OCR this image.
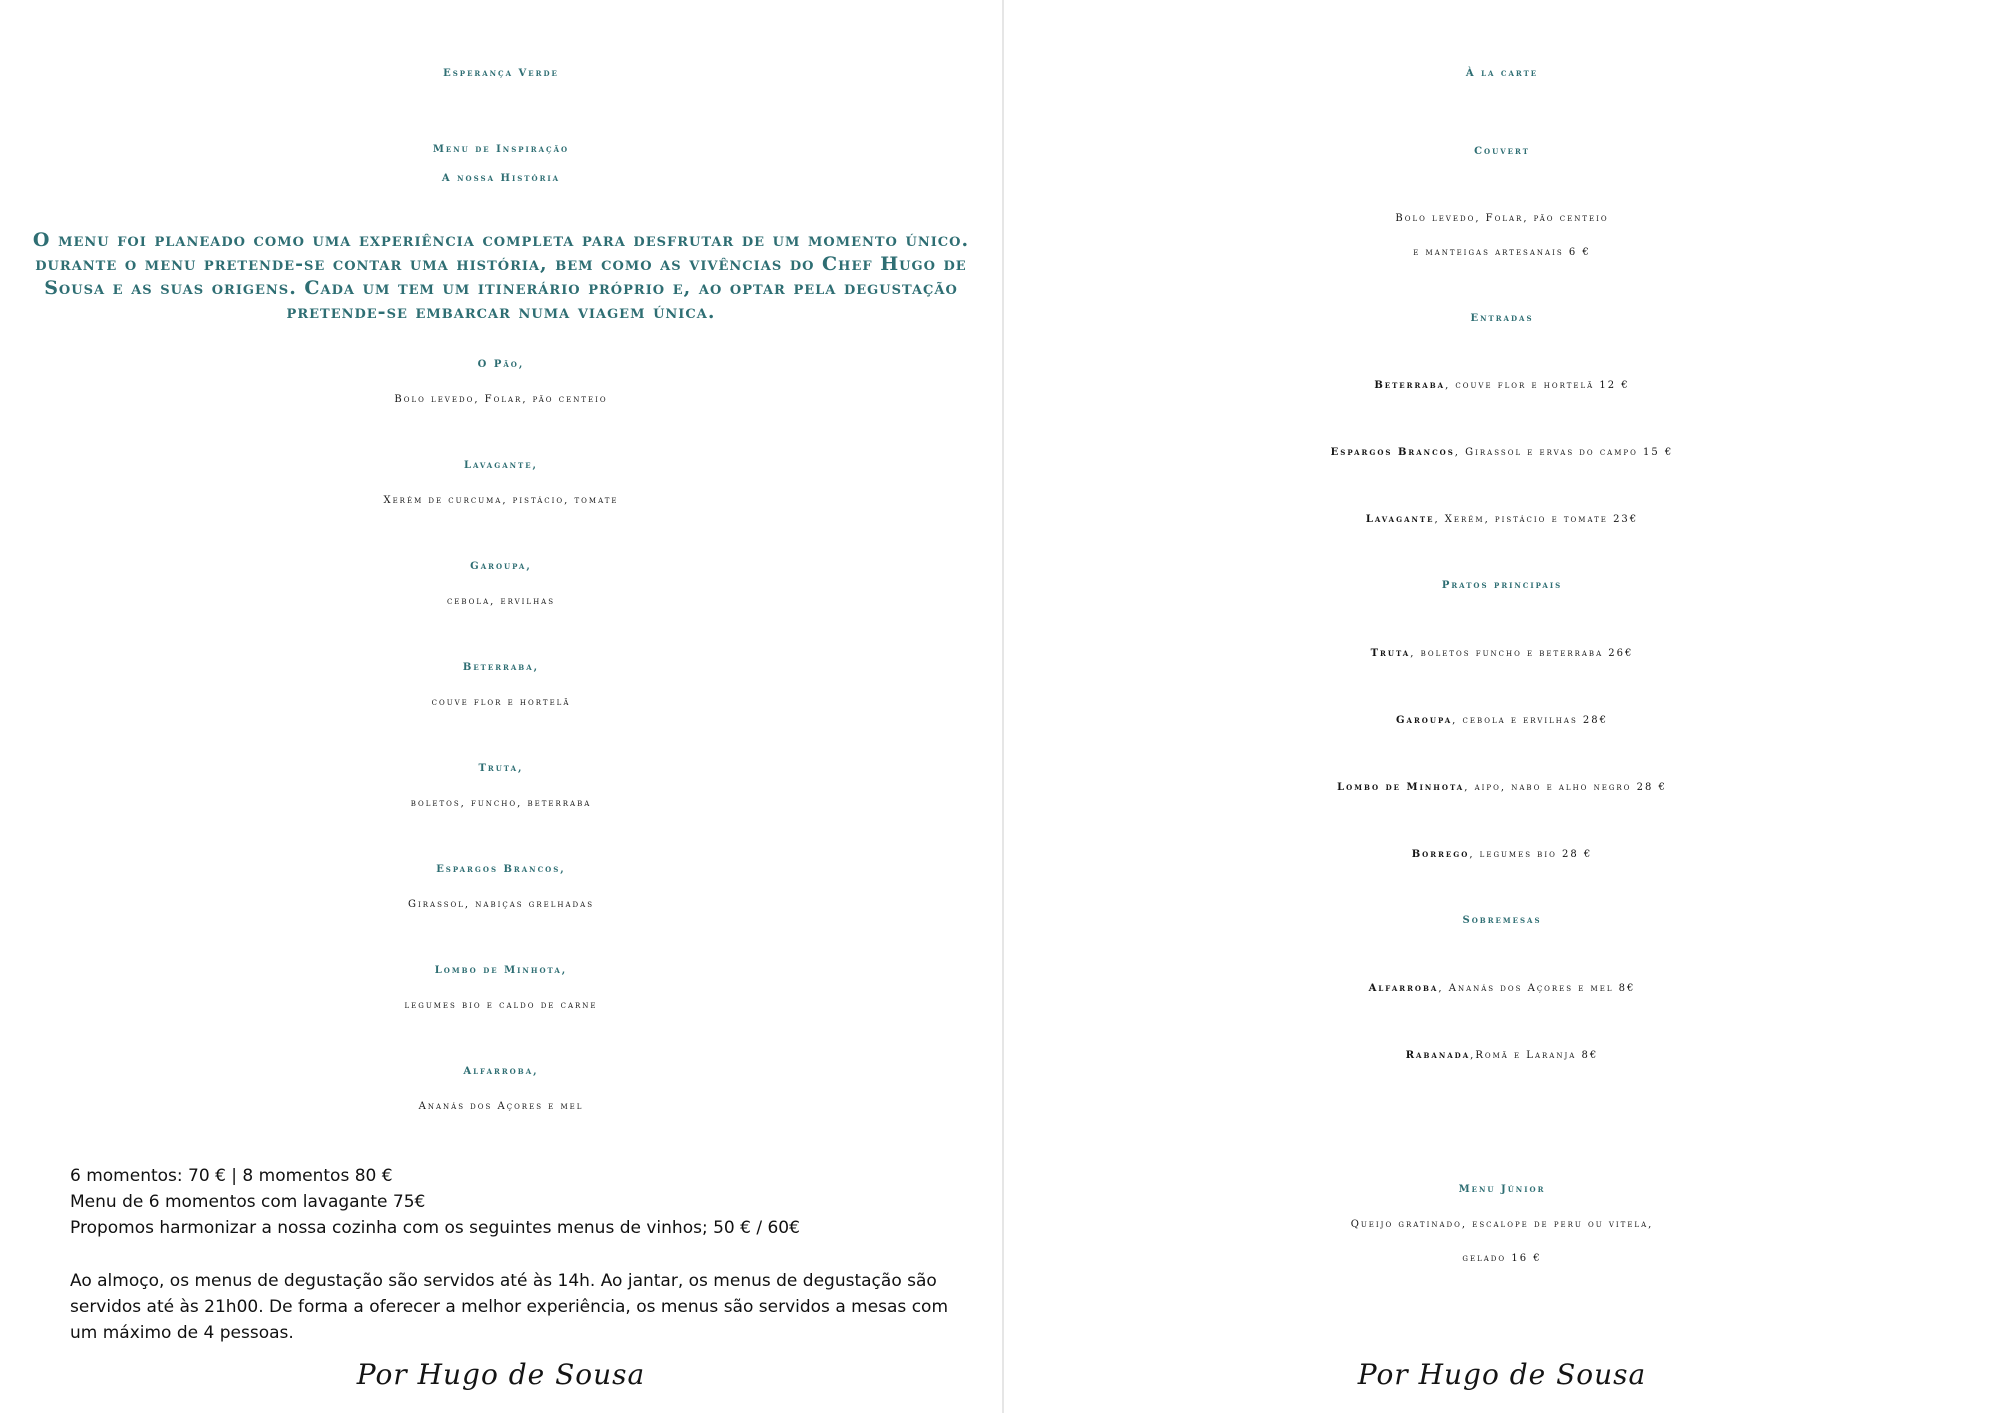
Esperança Verde

Menu de Inspiração

A nossa História

O menu foi planeado como uma experiência completa para desfrutar de um momento único. durante o menu pretende-se contar uma história, bem como as vivências do Chef Hugo de Sousa e as suas origens. Cada um tem um itinerário próprio e, ao optar pela degustação pretende-se embarcar numa viagem única.

O Pão,

Bolo levedo, Folar, pão centeio

Lavagante,

Xerém de curcuma, pistácio, tomate

Garoupa,

cebola, ervilhas

Beterraba,

couve flor e hortelã

Truta,

boletos, funcho, beterraba

Espargos Brancos,

Girassol, nabiças grelhadas

Lombo de Minhota,

legumes bio e caldo de carne

Alfarroba,

Ananás dos Açores e mel

6 momentos: 70 € | 8 momentos 80 €
Menu de 6 momentos com lavagante 75€
Propomos harmonizar a nossa cozinha com os seguintes menus de vinhos; 50 € / 60€
Ao almoço, os menus de degustação são servidos até às 14h. Ao jantar, os menus de degustação são
servidos até às 21h00. De forma a oferecer a melhor experiência, os menus são servidos a mesas com
um máximo de 4 pessoas.

Por Hugo de Sousa

À la carte

Couvert

Bolo levedo, Folar, pão centeio

e manteigas artesanais 6 €

Entradas

Beterraba, couve flor e hortelã 12 €

Espargos Brancos, Girassol e ervas do campo 15 €

Lavagante, Xerém, pistácio e tomate 23€

Pratos principais

Truta, boletos funcho e beterraba 26€

Garoupa, cebola e ervilhas 28€

Lombo de Minhota, aipo, nabo e alho negro 28 €

Borrego, legumes bio 28 €

Sobremesas

Alfarroba, Ananás dos Açores e mel 8€

Rabanada,Romã e Laranja 8€

Menu Júnior

Queijo gratinado, escalope de peru ou vitela,

gelado 16 €

Por Hugo de Sousa
